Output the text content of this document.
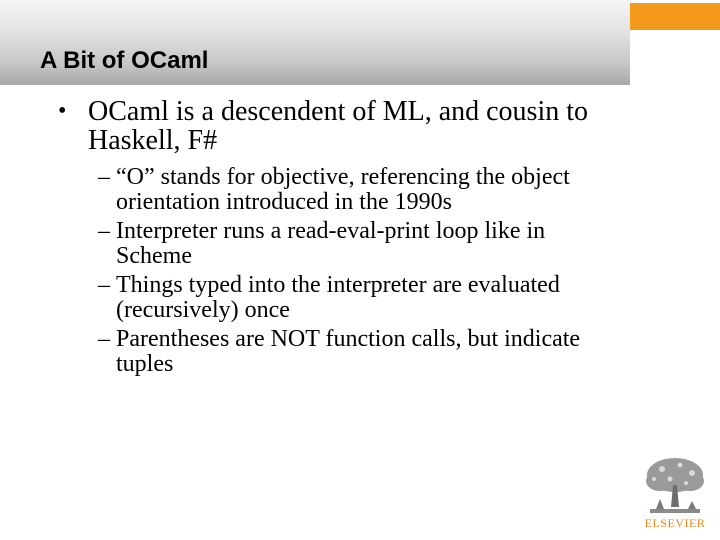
A Bit of OCaml
• OCaml is a descendent of ML, and cousin to
Haskell, F#
– “O” stands for objective, referencing the object
orientation introduced in the 1990s
– Interpreter runs a read-eval-print loop like in
Scheme
– Things typed into the interpreter are evaluated
(recursively) once
– Parentheses are NOT function calls, but indicate
tuples
ELSEVIER
